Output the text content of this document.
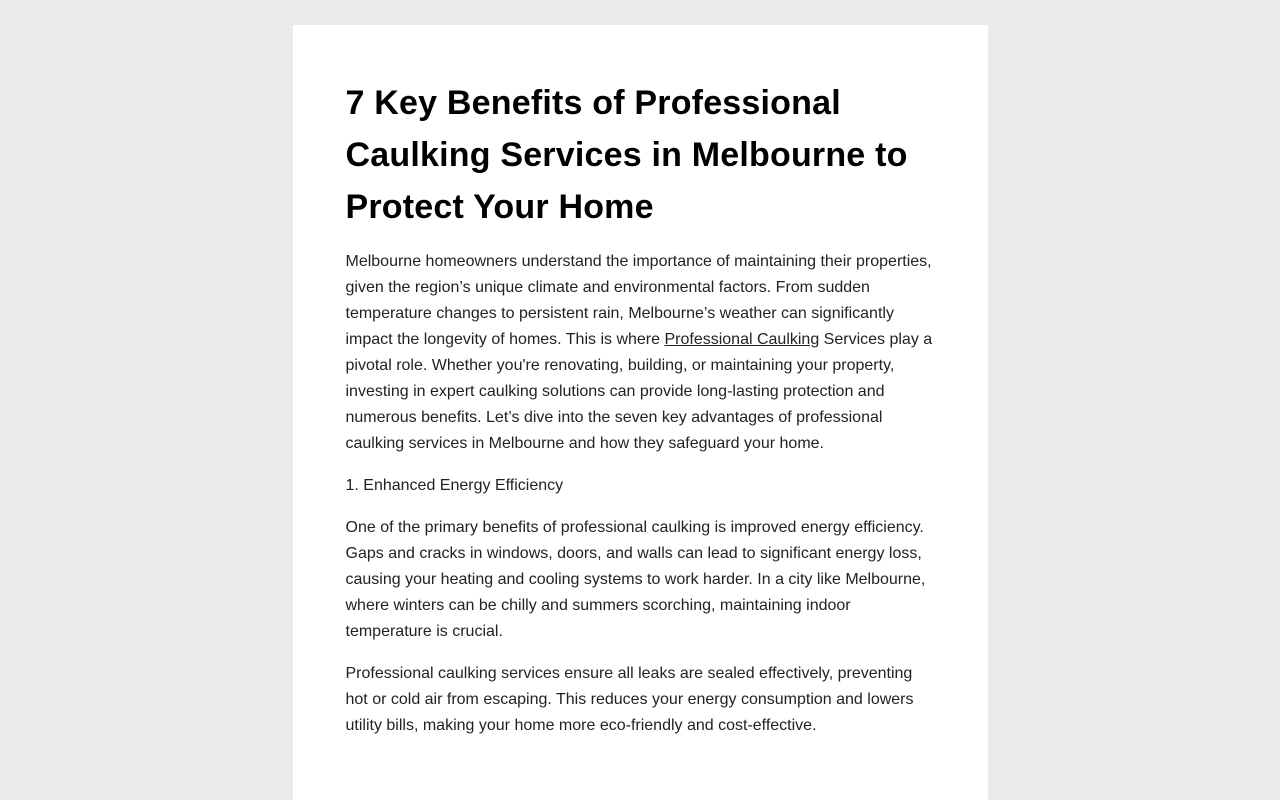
7 Key Benefits of Professional Caulking Services in Melbourne to Protect Your Home

Melbourne homeowners understand the importance of maintaining their properties, given the region’s unique climate and environmental factors. From sudden temperature changes to persistent rain, Melbourne’s weather can significantly impact the longevity of homes. This is where Professional Caulking Services play a pivotal role. Whether you're renovating, building, or maintaining your property, investing in expert caulking solutions can provide long-lasting protection and numerous benefits. Let’s dive into the seven key advantages of professional caulking services in Melbourne and how they safeguard your home.

1. Enhanced Energy Efficiency

One of the primary benefits of professional caulking is improved energy efficiency. Gaps and cracks in windows, doors, and walls can lead to significant energy loss, causing your heating and cooling systems to work harder. In a city like Melbourne, where winters can be chilly and summers scorching, maintaining indoor temperature is crucial.

Professional caulking services ensure all leaks are sealed effectively, preventing hot or cold air from escaping. This reduces your energy consumption and lowers utility bills, making your home more eco-friendly and cost-effective.
